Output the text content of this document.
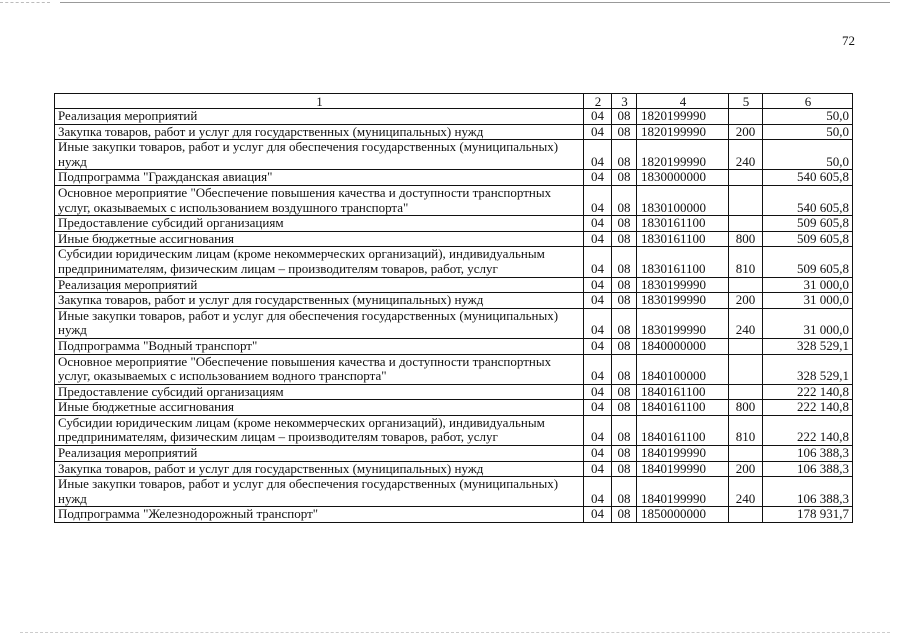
72
1	2	3	4	5	6
Реализация мероприятий	04	08	1820199990		50,0
Закупка товаров, работ и услуг для государственных (муниципальных) нужд	04	08	1820199990	200	50,0
Иные закупки товаров, работ и услуг для обеспечения государственных (муниципальных) нужд	04	08	1820199990	240	50,0
Подпрограмма "Гражданская авиация"	04	08	1830000000		540 605,8
Основное мероприятие "Обеспечение повышения качества и доступности транспортных услуг, оказываемых с использованием воздушного транспорта"	04	08	1830100000		540 605,8
Предоставление субсидий организациям	04	08	1830161100		509 605,8
Иные бюджетные ассигнования	04	08	1830161100	800	509 605,8
Субсидии юридическим лицам (кроме некоммерческих организаций), индивидуальным предпринимателям, физическим лицам – производителям товаров, работ, услуг	04	08	1830161100	810	509 605,8
Реализация мероприятий	04	08	1830199990		31 000,0
Закупка товаров, работ и услуг для государственных (муниципальных) нужд	04	08	1830199990	200	31 000,0
Иные закупки товаров, работ и услуг для обеспечения государственных (муниципальных) нужд	04	08	1830199990	240	31 000,0
Подпрограмма "Водный транспорт"	04	08	1840000000		328 529,1
Основное мероприятие "Обеспечение повышения качества и доступности транспортных услуг, оказываемых с использованием водного транспорта"	04	08	1840100000		328 529,1
Предоставление субсидий организациям	04	08	1840161100		222 140,8
Иные бюджетные ассигнования	04	08	1840161100	800	222 140,8
Субсидии юридическим лицам (кроме некоммерческих организаций), индивидуальным предпринимателям, физическим лицам – производителям товаров, работ, услуг	04	08	1840161100	810	222 140,8
Реализация мероприятий	04	08	1840199990		106 388,3
Закупка товаров, работ и услуг для государственных (муниципальных) нужд	04	08	1840199990	200	106 388,3
Иные закупки товаров, работ и услуг для обеспечения государственных (муниципальных) нужд	04	08	1840199990	240	106 388,3
Подпрограмма "Железнодорожный транспорт"	04	08	1850000000		178 931,7
